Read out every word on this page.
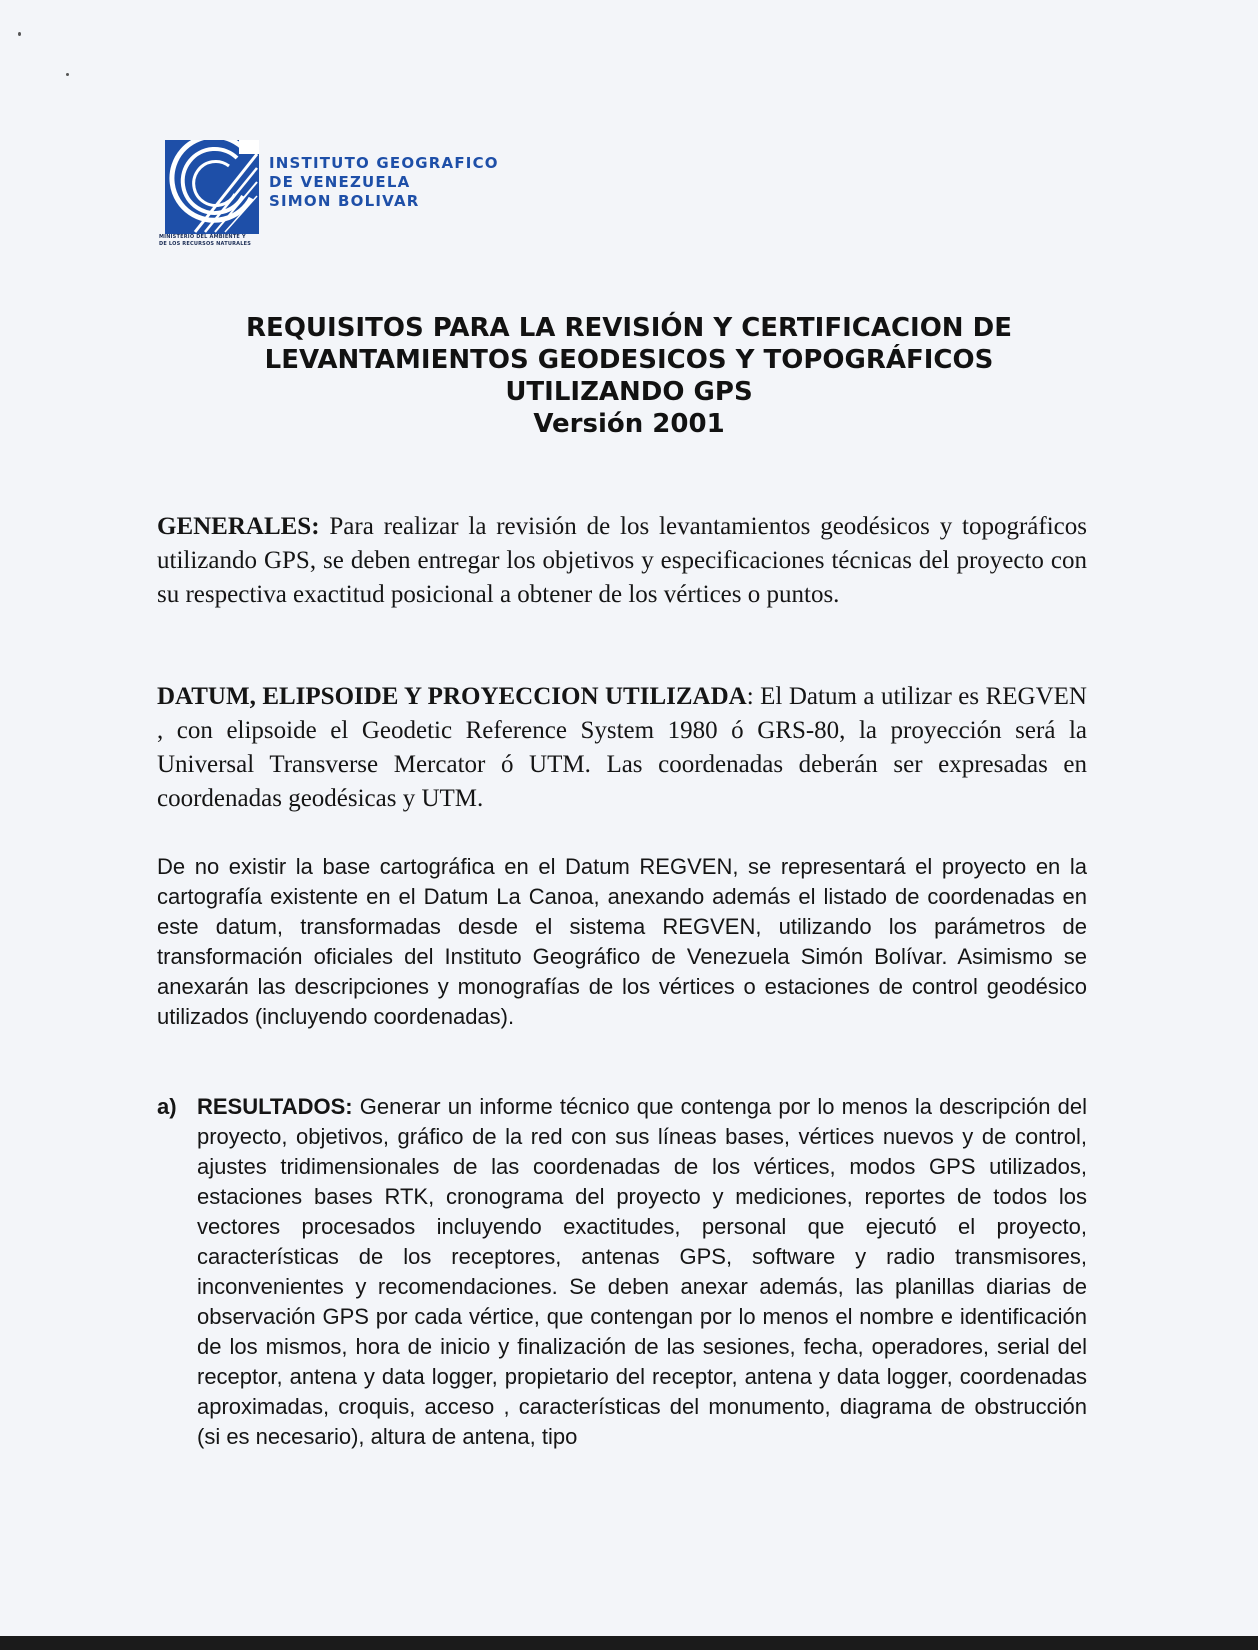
INSTITUTO GEOGRAFICO
DE VENEZUELA
SIMON BOLIVAR
MINISTERIO DEL AMBIENTE Y
DE LOS RECURSOS NATURALES
REQUISITOS PARA LA REVISIÓN Y CERTIFICACION DE
LEVANTAMIENTOS GEODESICOS Y TOPOGRÁFICOS
UTILIZANDO GPS
Versión 2001

GENERALES: Para realizar la revisión de los levantamientos geodésicos y topográficos utilizando GPS, se deben entregar los objetivos y especificaciones técnicas del proyecto con su respectiva exactitud posicional a obtener de los vértices o puntos.

DATUM, ELIPSOIDE Y PROYECCION UTILIZADA: El Datum a utilizar es REGVEN , con elipsoide el Geodetic Reference System 1980 ó GRS-80, la proyección será la Universal Transverse Mercator ó UTM. Las coordenadas deberán ser expresadas en coordenadas geodésicas y UTM.

De no existir la base cartográfica en el Datum REGVEN, se representará el proyecto en la cartografía existente en el Datum La Canoa, anexando además el listado de coordenadas en este datum, transformadas desde el sistema REGVEN, utilizando los parámetros de transformación oficiales del Instituto Geográfico de Venezuela Simón Bolívar. Asimismo se anexarán las descripciones y monografías de los vértices o estaciones de control geodésico utilizados (incluyendo coordenadas).

a) RESULTADOS: Generar un informe técnico que contenga por lo menos la descripción del proyecto, objetivos, gráfico de la red con sus líneas bases, vértices nuevos y de control, ajustes tridimensionales de las coordenadas de los vértices, modos GPS utilizados, estaciones bases RTK, cronograma del proyecto y mediciones, reportes de todos los vectores procesados incluyendo exactitudes, personal que ejecutó el proyecto, características de los receptores, antenas GPS, software y radio transmisores, inconvenientes y recomendaciones. Se deben anexar además, las planillas diarias de observación GPS por cada vértice, que contengan por lo menos el nombre e identificación de los mismos, hora de inicio y finalización de las sesiones, fecha, operadores, serial del receptor, antena y data logger, propietario del receptor, antena y data logger, coordenadas aproximadas, croquis, acceso , características del monumento, diagrama de obstrucción (si es necesario), altura de antena, tipo
